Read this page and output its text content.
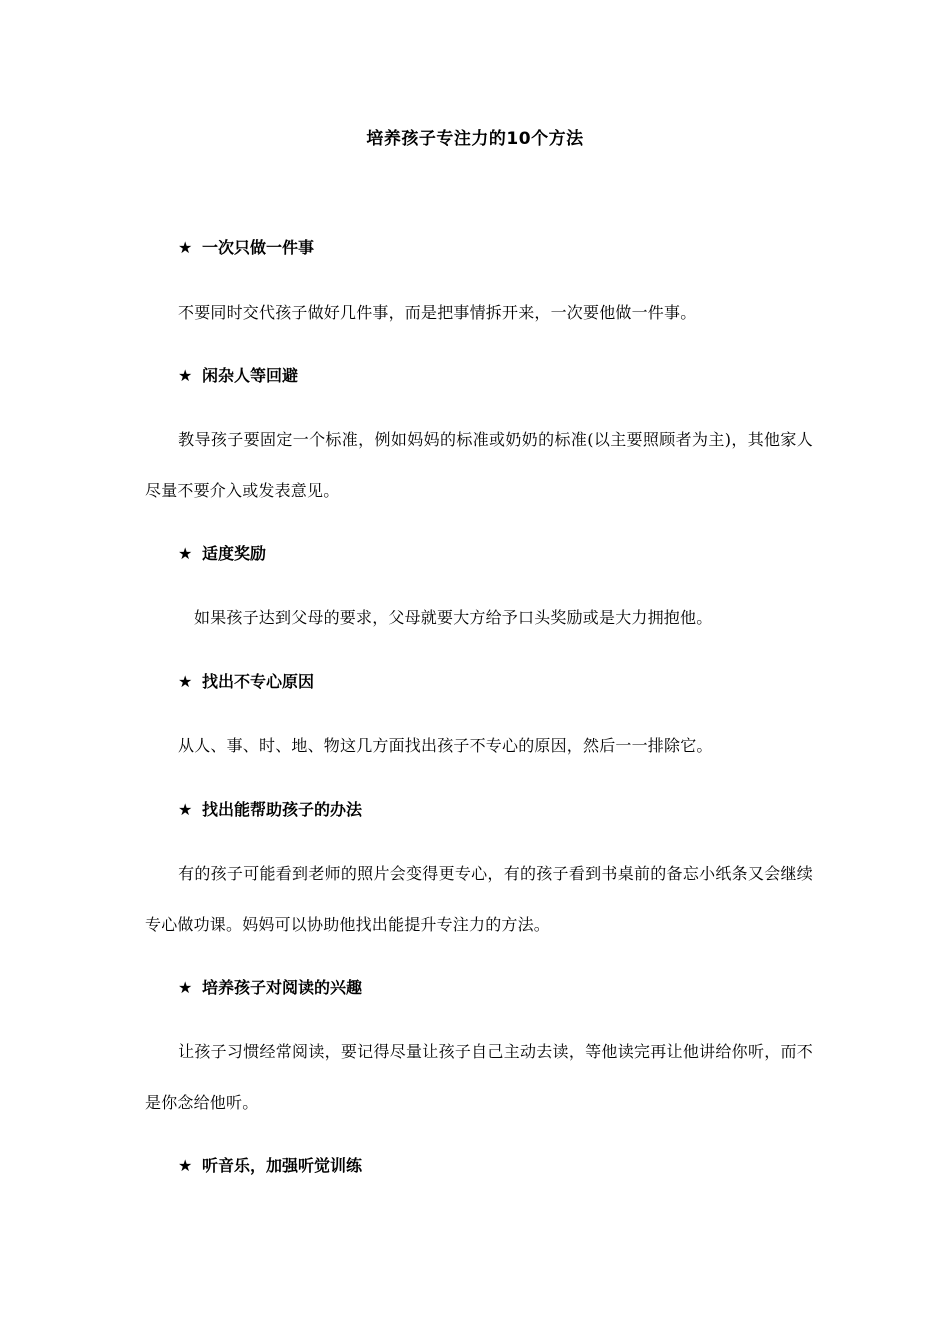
培养孩子专注力的10个方法
★ 一次只做一件事

不要同时交代孩子做好几件事，而是把事情拆开来，一次要他做一件事。

★ 闲杂人等回避

教导孩子要固定一个标准，例如妈妈的标准或奶奶的标准(以主要照顾者为主)，其他家人尽量不要介入或发表意见。

★ 适度奖励

如果孩子达到父母的要求，父母就要大方给予口头奖励或是大力拥抱他。

★ 找出不专心原因

从人、事、时、地、物这几方面找出孩子不专心的原因，然后一一排除它。

★ 找出能帮助孩子的办法

有的孩子可能看到老师的照片会变得更专心，有的孩子看到书桌前的备忘小纸条又会继续专心做功课。妈妈可以协助他找出能提升专注力的方法。

★ 培养孩子对阅读的兴趣

让孩子习惯经常阅读，要记得尽量让孩子自己主动去读，等他读完再让他讲给你听，而不是你念给他听。

★ 听音乐，加强听觉训练
